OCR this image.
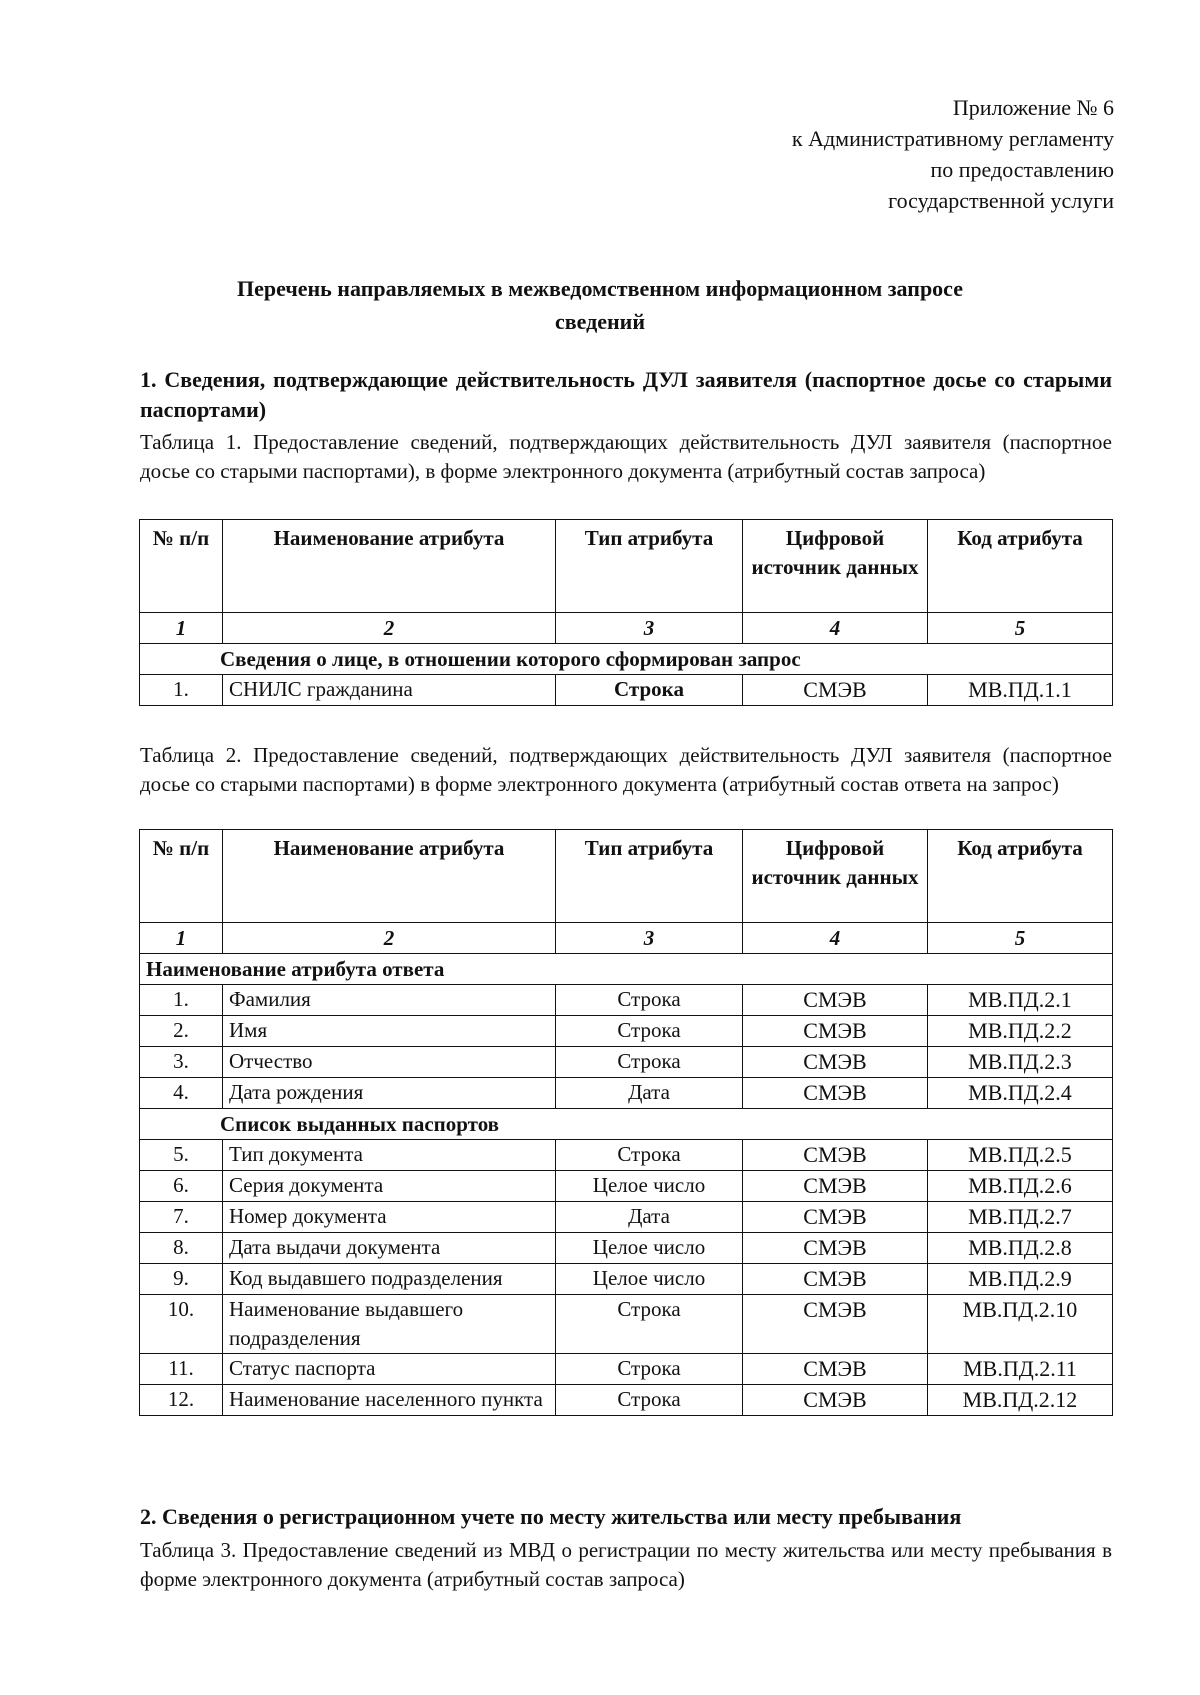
Приложение № 6
к Административному регламенту
по предоставлению
государственной услуги
Перечень направляемых в межведомственном информационном запросе
сведений
1. Сведения, подтверждающие действительность ДУЛ заявителя (паспортное досье со старыми паспортами)
Таблица 1. Предоставление сведений, подтверждающих действительность ДУЛ заявителя (паспортное досье со старыми паспортами), в форме электронного документа (атрибутный состав запроса)
№ п/п	Наименование атрибута	Тип атрибута	Цифровой источник данных	Код атрибута
1	2	3	4	5
Сведения о лице, в отношении которого сформирован запрос				
1.	СНИЛС гражданина	Строка	СМЭВ	МВ.ПД.1.1
Таблица 2. Предоставление сведений, подтверждающих действительность ДУЛ заявителя (паспортное досье со старыми паспортами) в форме электронного документа (атрибутный состав ответа на запрос)
№ п/п	Наименование атрибута	Тип атрибута	Цифровой источник данных	Код атрибута
1	2	3	4	5
Наименование атрибута ответа				
1.	Фамилия	Строка	СМЭВ	МВ.ПД.2.1
2.	Имя	Строка	СМЭВ	МВ.ПД.2.2
3.	Отчество	Строка	СМЭВ	МВ.ПД.2.3
4.	Дата рождения	Дата	СМЭВ	МВ.ПД.2.4
Список выданных паспортов				
5.	Тип документа	Строка	СМЭВ	МВ.ПД.2.5
6.	Серия документа	Целое число	СМЭВ	МВ.ПД.2.6
7.	Номер документа	Дата	СМЭВ	МВ.ПД.2.7
8.	Дата выдачи документа	Целое число	СМЭВ	МВ.ПД.2.8
9.	Код выдавшего подразделения	Целое число	СМЭВ	МВ.ПД.2.9
10.	Наименование выдавшего подразделения	Строка	СМЭВ	МВ.ПД.2.10
11.	Статус паспорта	Строка	СМЭВ	МВ.ПД.2.11
12.	Наименование населенного пункта	Строка	СМЭВ	МВ.ПД.2.12
2. Сведения о регистрационном учете по месту жительства или месту пребывания
Таблица 3. Предоставление сведений из МВД о регистрации по месту жительства или месту пребывания в форме электронного документа (атрибутный состав запроса)
